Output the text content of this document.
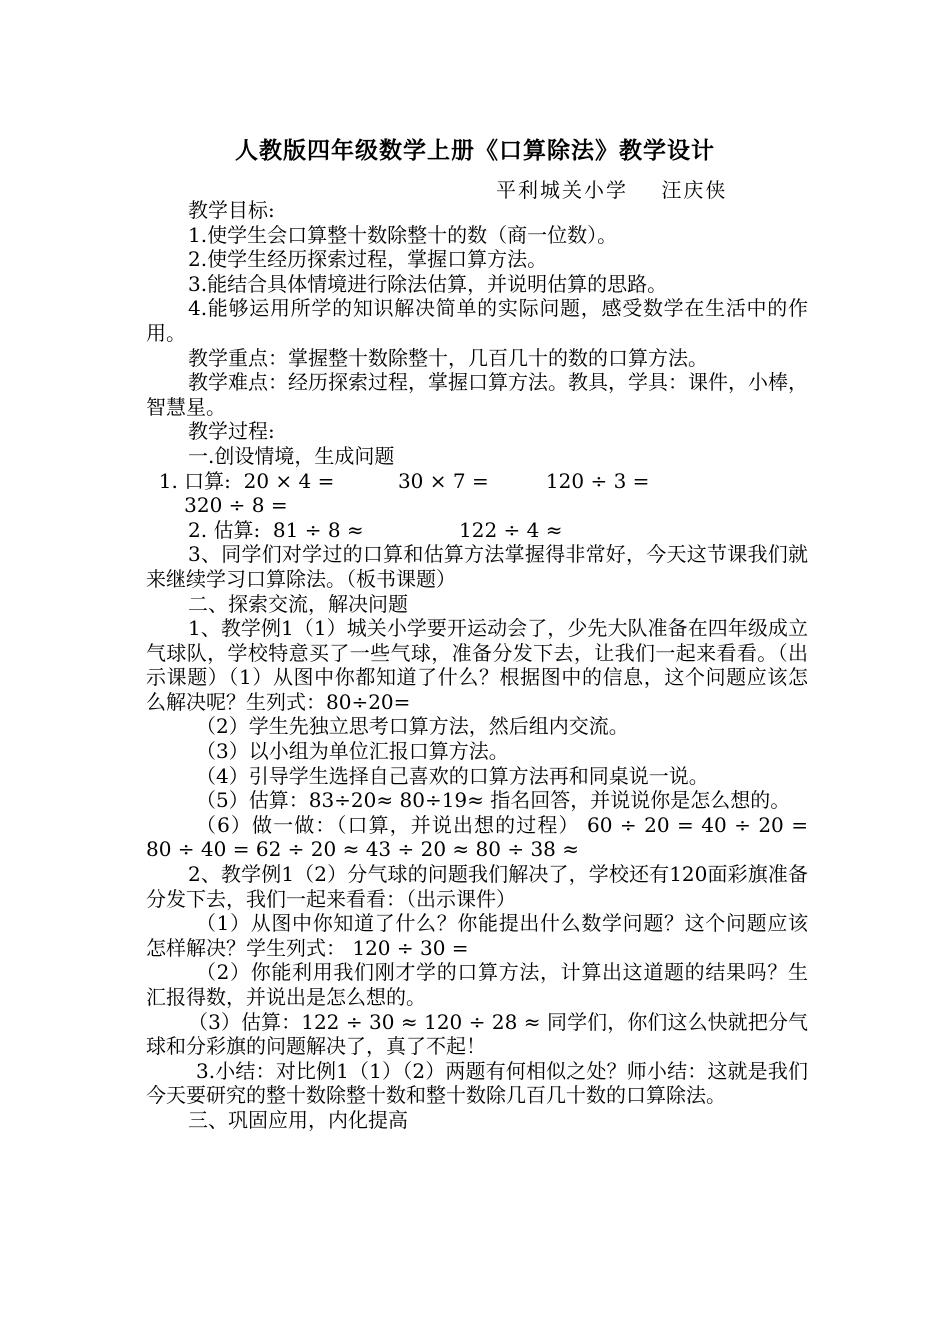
人教版四年级数学上册《口算除法》教学设计
平利城关小学    汪庆侠

教学目标:

1.使学生会口算整十数除整十的数（商一位数）。

2.使学生经历探索过程，掌握口算方法。

3.能结合具体情境进行除法估算，并说明估算的思路。

4.能够运用所学的知识解决简单的实际问题，感受数学在生活中的作用。

教学重点：掌握整十数除整十，几百几十的数的口算方法。

教学难点：经历探索过程，掌握口算方法。教具，学具：课件，小棒，智慧星。

教学过程:

一.创设情境，生成问题

1. 口算:  20 × 4 =          30 × 7 =         120 ÷ 3 =

320 ÷ 8 =

2. 估算:  81 ÷ 8 ≈               122 ÷ 4 ≈

3、同学们对学过的口算和估算方法掌握得非常好，今天这节课我们就来继续学习口算除法。（板书课题）

二、探索交流，解决问题

1、教学例1（1）城关小学要开运动会了，少先大队准备在四年级成立气球队，学校特意买了一些气球，准备分发下去，让我们一起来看看。（出示课题）（1）从图中你都知道了什么？根据图中的信息，这个问题应该怎么解决呢？生列式：80÷20=

（2）学生先独立思考口算方法，然后组内交流。

（3）以小组为单位汇报口算方法。

（4）引导学生选择自己喜欢的口算方法再和同桌说一说。

（5）估算：83÷20≈ 80÷19≈ 指名回答，并说说你是怎么想的。

（6）做一做：（口算，并说出想的过程） 60 ÷ 20 = 40 ÷ 20 = 80 ÷ 40 = 62 ÷ 20 ≈ 43 ÷ 20 ≈ 80 ÷ 38 ≈

2、教学例1（2）分气球的问题我们解决了，学校还有120面彩旗准备分发下去，我们一起来看看：（出示课件）

（1）从图中你知道了什么？你能提出什么数学问题？这个问题应该怎样解决？学生列式： 120 ÷ 30 =

（2）你能利用我们刚才学的口算方法，计算出这道题的结果吗？生汇报得数，并说出是怎么想的。

（3）估算：122 ÷ 30 ≈ 120 ÷ 28 ≈ 同学们，你们这么快就把分气球和分彩旗的问题解决了，真了不起！

3.小结：对比例1（1）（2）两题有何相似之处？师小结：这就是我们今天要研究的整十数除整十数和整十数除几百几十数的口算除法。

三、巩固应用，内化提高
